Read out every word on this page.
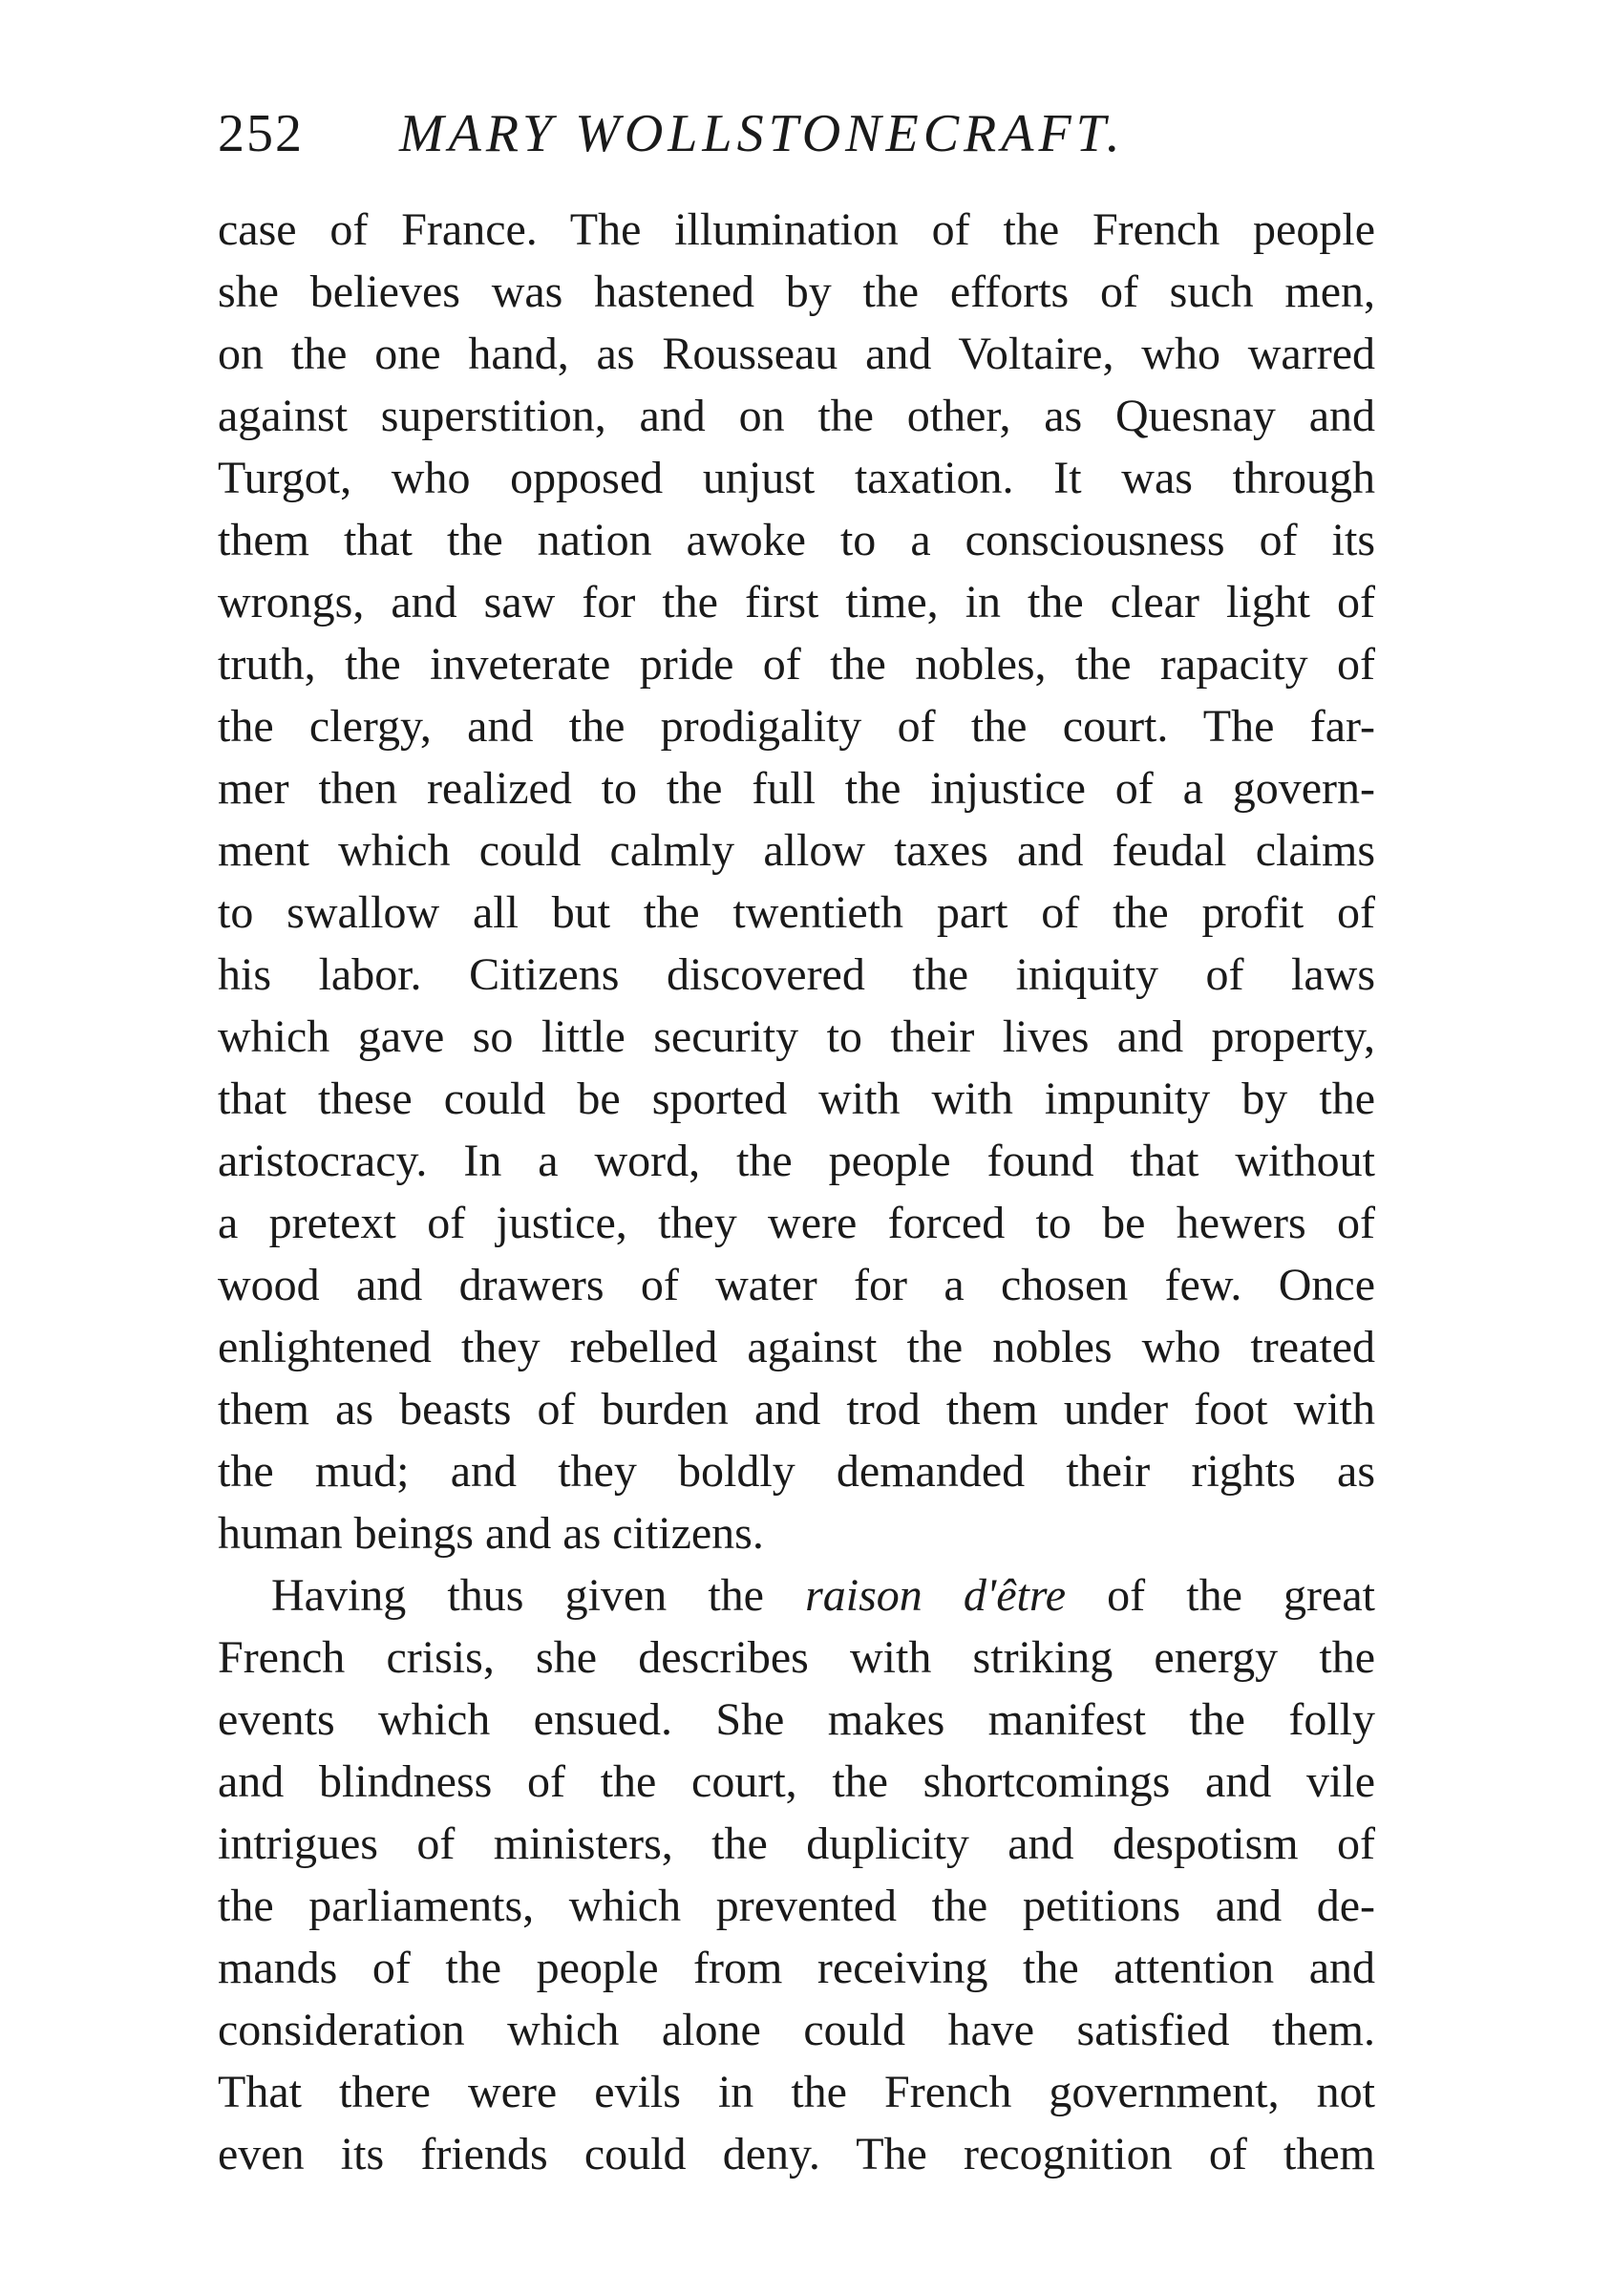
252 MARY WOLLSTONECRAFT.
case of France. The illumination of the French people
she believes was hastened by the efforts of such men,
on the one hand, as Rousseau and Voltaire, who warred
against superstition, and on the other, as Quesnay and
Turgot, who opposed unjust taxation. It was through
them that the nation awoke to a consciousness of its
wrongs, and saw for the first time, in the clear light of
truth, the inveterate pride of the nobles, the rapacity of
the clergy, and the prodigality of the court. The far-
mer then realized to the full the injustice of a govern-
ment which could calmly allow taxes and feudal claims
to swallow all but the twentieth part of the profit of
his labor. Citizens discovered the iniquity of laws
which gave so little security to their lives and property,
that these could be sported with with impunity by the
aristocracy. In a word, the people found that without
a pretext of justice, they were forced to be hewers of
wood and drawers of water for a chosen few. Once
enlightened they rebelled against the nobles who treated
them as beasts of burden and trod them under foot with
the mud; and they boldly demanded their rights as
human beings and as citizens.
Having thus given the raison d'être of the great
French crisis, she describes with striking energy the
events which ensued. She makes manifest the folly
and blindness of the court, the shortcomings and vile
intrigues of ministers, the duplicity and despotism of
the parliaments, which prevented the petitions and de-
mands of the people from receiving the attention and
consideration which alone could have satisfied them.
That there were evils in the French government, not
even its friends could deny. The recognition of them
